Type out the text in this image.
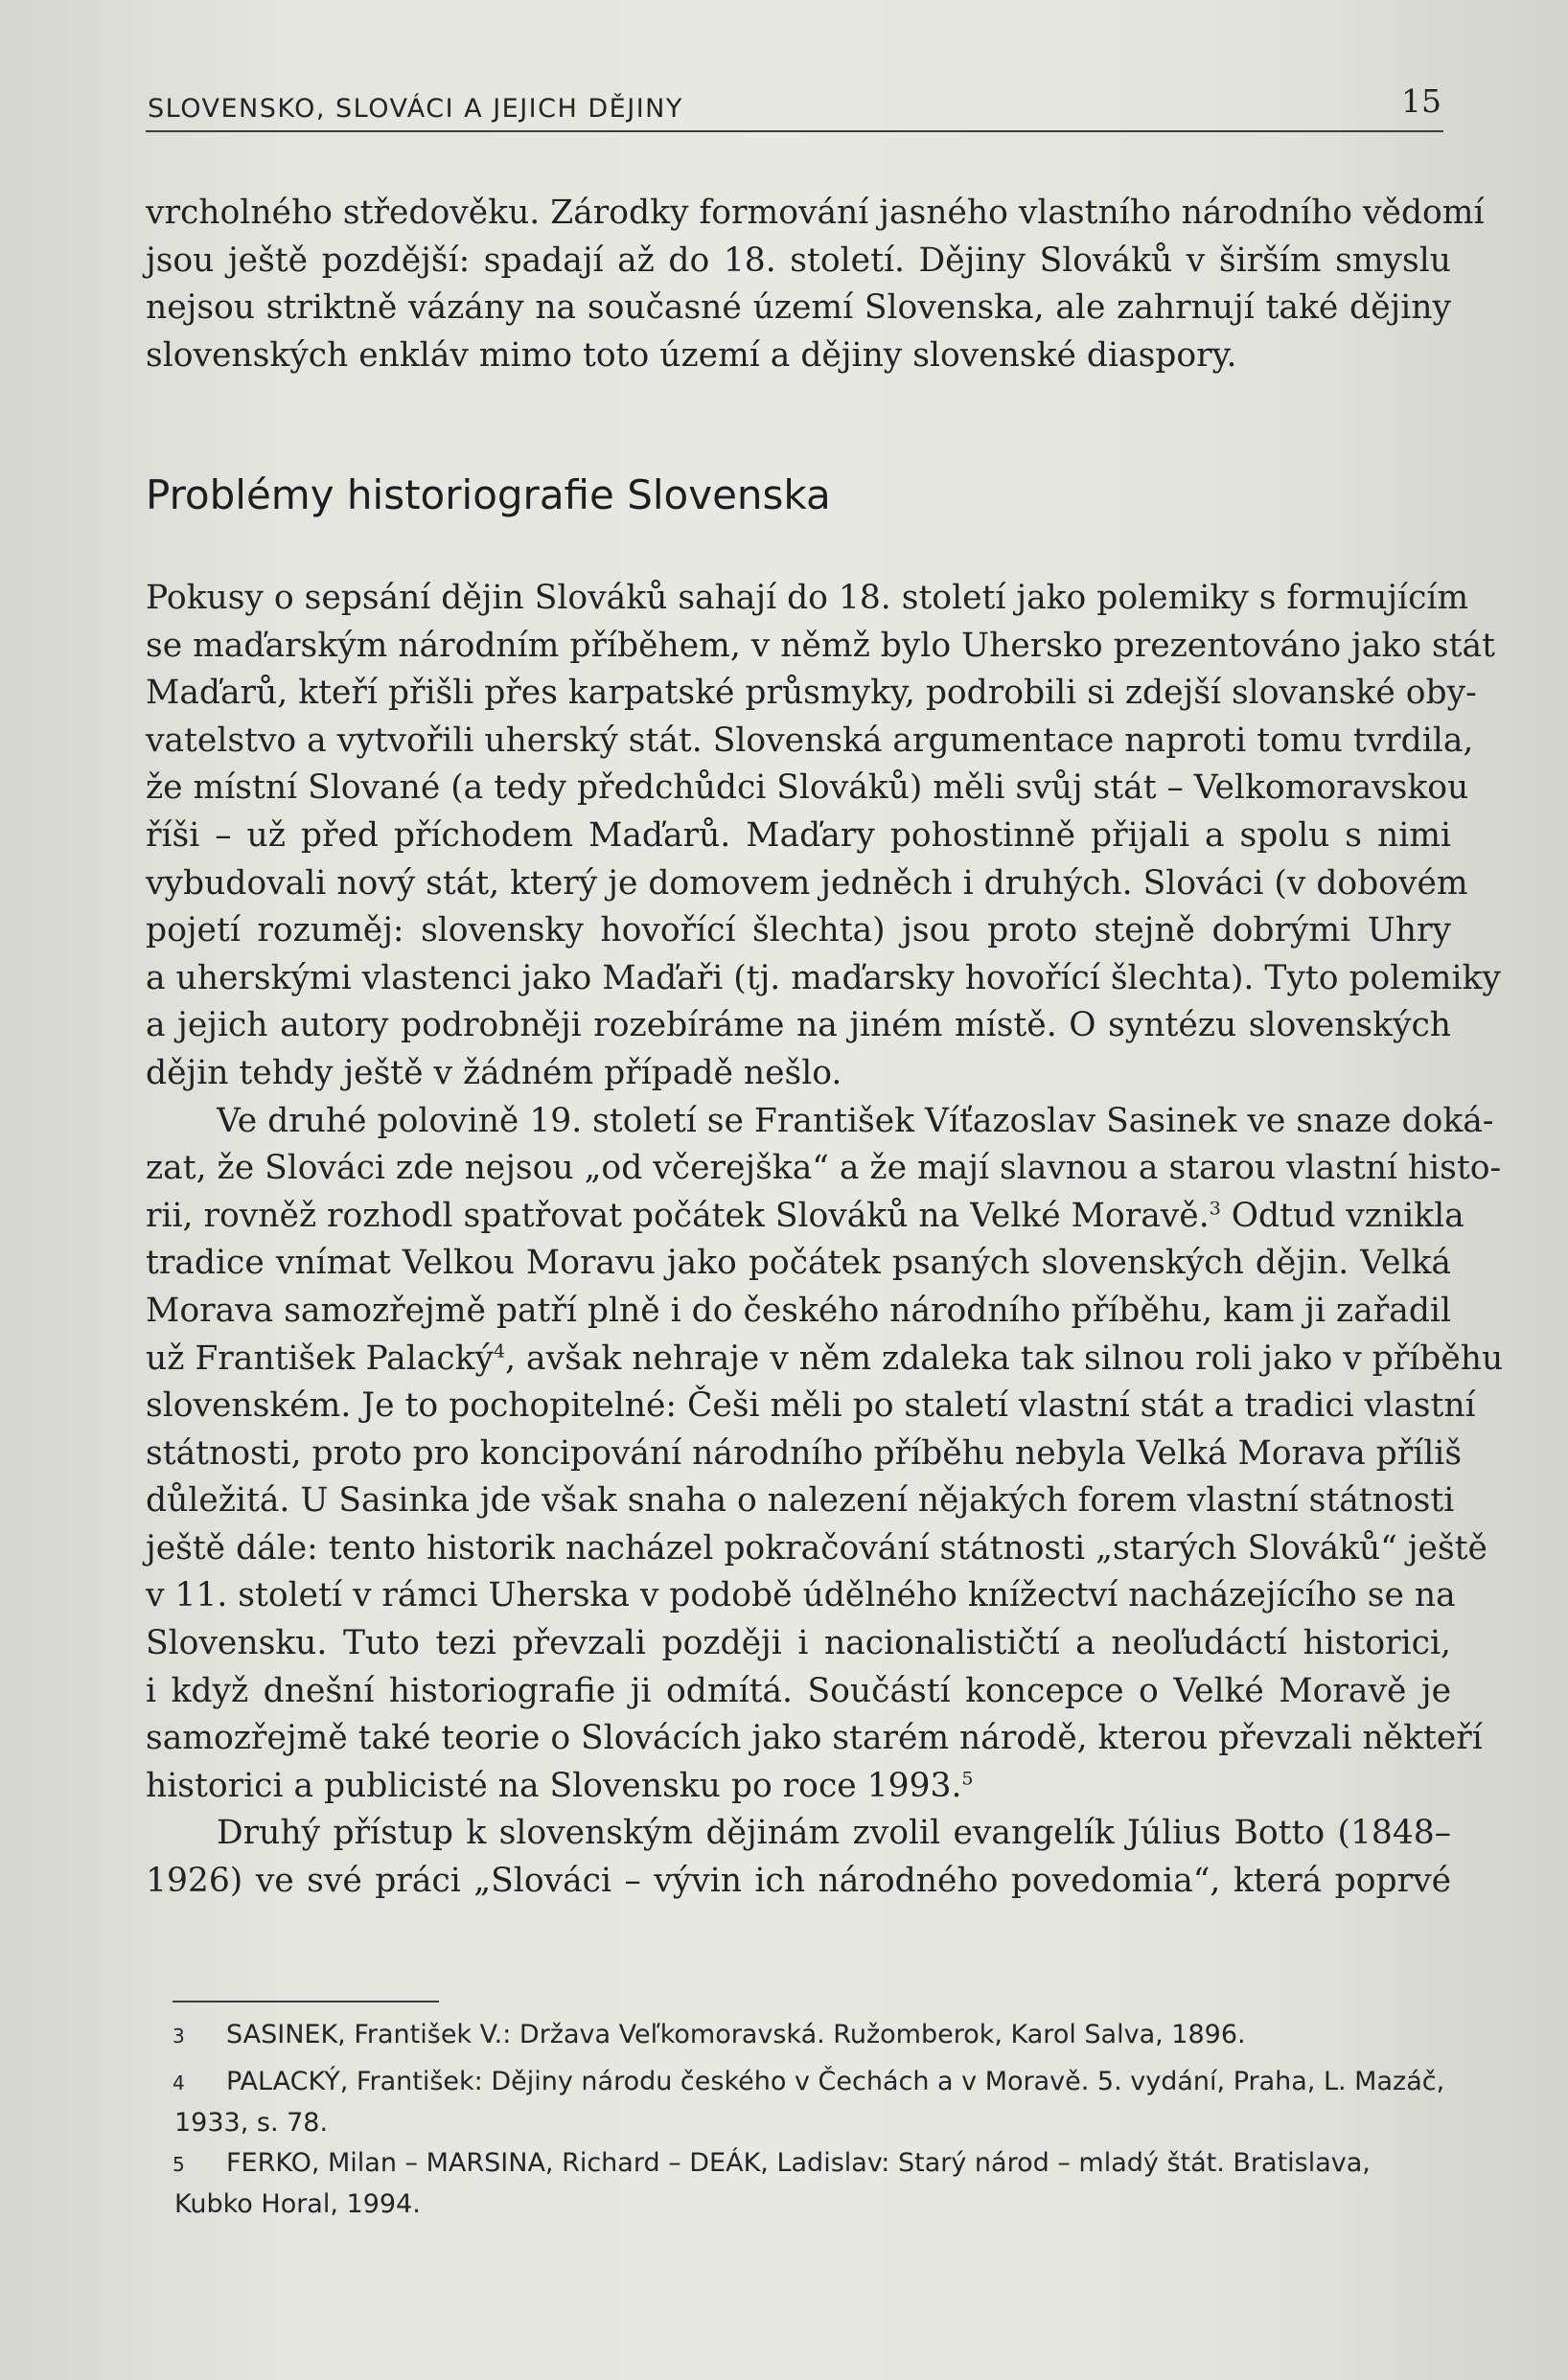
SLOVENSKO, SLOVÁCI A JEJICH DĚJINY	15
vrcholného středověku. Zárodky formování jasného vlastního národního vědomí
jsou ještě pozdější: spadají až do 18. století. Dějiny Slováků v širším smyslu
nejsou striktně vázány na současné území Slovenska, ale zahrnují také dějiny
slovenských enkláv mimo toto území a dějiny slovenské diaspory.
Problémy historiografie Slovenska
Pokusy o sepsání dějin Slováků sahají do 18. století jako polemiky s formujícím
se maďarským národním příběhem, v němž bylo Uhersko prezentováno jako stát
Maďarů, kteří přišli přes karpatské průsmyky, podrobili si zdejší slovanské oby-
vatelstvo a vytvořili uherský stát. Slovenská argumentace naproti tomu tvrdila,
že místní Slované (a tedy předchůdci Slováků) měli svůj stát – Velkomoravskou
říši – už před příchodem Maďarů. Maďary pohostinně přijali a spolu s nimi
vybudovali nový stát, který je domovem jedněch i druhých. Slováci (v dobovém
pojetí rozuměj: slovensky hovořící šlechta) jsou proto stejně dobrými Uhry
a uherskými vlastenci jako Maďaři (tj. maďarsky hovořící šlechta). Tyto polemiky
a jejich autory podrobněji rozebíráme na jiném místě. O syntézu slovenských
dějin tehdy ještě v žádném případě nešlo.
Ve druhé polovině 19. století se František Víťazoslav Sasinek ve snaze doká-
zat, že Slováci zde nejsou „od včerejška“ a že mají slavnou a starou vlastní histo-
rii, rovněž rozhodl spatřovat počátek Slováků na Velké Moravě.$^3$ Odtud vznikla
tradice vnímat Velkou Moravu jako počátek psaných slovenských dějin. Velká
Morava samozřejmě patří plně i do českého národního příběhu, kam ji zařadil
už František Palacký$^4$, avšak nehraje v něm zdaleka tak silnou roli jako v příběhu
slovenském. Je to pochopitelné: Češi měli po staletí vlastní stát a tradici vlastní
státnosti, proto pro koncipování národního příběhu nebyla Velká Morava příliš
důležitá. U Sasinka jde však snaha o nalezení nějakých forem vlastní státnosti
ještě dále: tento historik nacházel pokračování státnosti „starých Slováků“ ještě
v 11. století v rámci Uherska v podobě údělného knížectví nacházejícího se na
Slovensku. Tuto tezi převzali později i nacionalističtí a neoľudáctí historici,
i když dnešní historiografie ji odmítá. Součástí koncepce o Velké Moravě je
samozřejmě také teorie o Slovácích jako starém národě, kterou převzali někteří
historici a publicisté na Slovensku po roce 1993.$^5$
Druhý přístup k slovenským dějinám zvolil evangelík Július Botto (1848–
1926) ve své práci „Slováci – vývin ich národného povedomia“, která poprvé
3 SASINEK, František V.: Država Veľkomoravská. Ružomberok, Karol Salva, 1896.
4 PALACKÝ, František: Dějiny národu českého v Čechách a v Moravě. 5. vydání, Praha, L. Mazáč,
1933, s. 78.
5 FERKO, Milan – MARSINA, Richard – DEÁK, Ladislav: Starý národ – mladý štát. Bratislava,
Kubko Horal, 1994.
